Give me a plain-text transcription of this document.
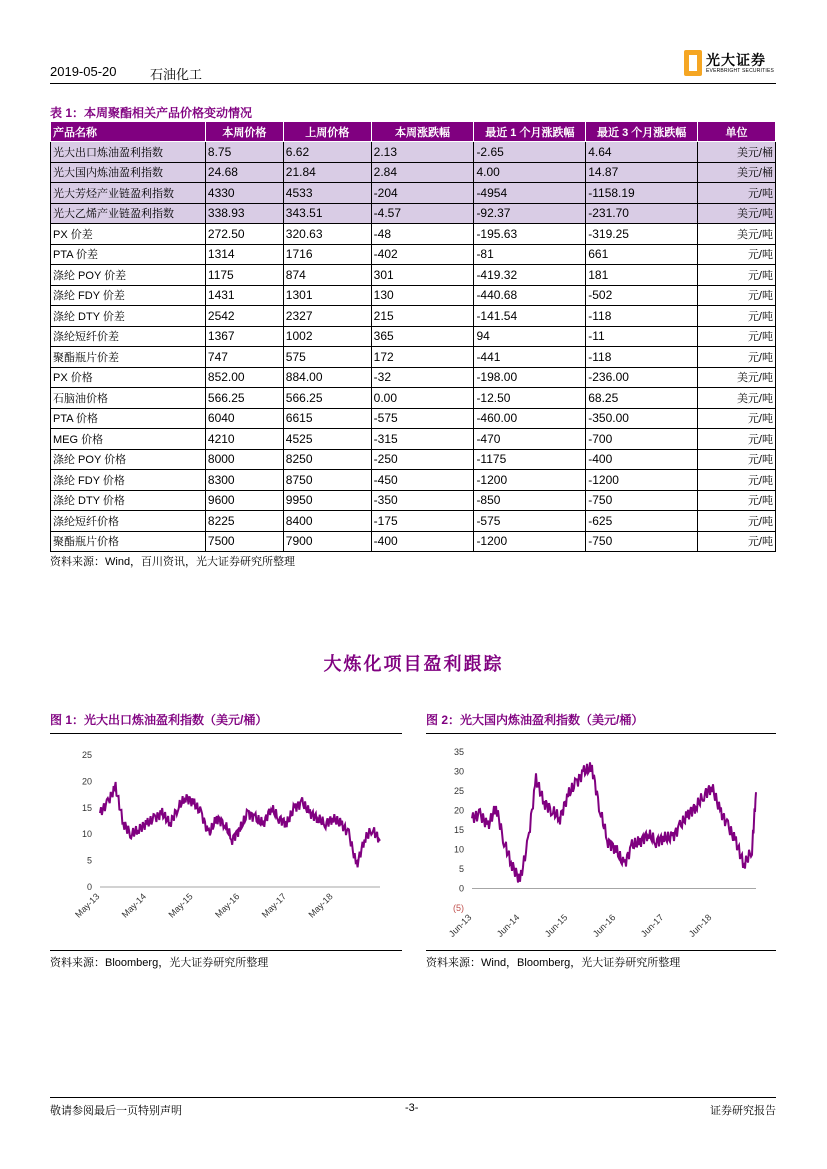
2019-05-20	石油化工
光大证券
EVERBRIGHT SECURITIES
表 1：本周聚酯相关产品价格变动情况
产品名称	本周价格	上周价格	本周涨跌幅	最近 1 个月涨跌幅	最近 3 个月涨跌幅	单位
光大出口炼油盈利指数	8.75	6.62	2.13	-2.65	4.64	美元/桶
光大国内炼油盈利指数	24.68	21.84	2.84	4.00	14.87	美元/桶
光大芳烃产业链盈利指数	4330	4533	-204	-4954	-1158.19	元/吨
光大乙烯产业链盈利指数	338.93	343.51	-4.57	-92.37	-231.70	美元/吨
PX 价差	272.50	320.63	-48	-195.63	-319.25	美元/吨
PTA 价差	1314	1716	-402	-81	661	元/吨
涤纶 POY 价差	1175	874	301	-419.32	181	元/吨
涤纶 FDY 价差	1431	1301	130	-440.68	-502	元/吨
涤纶 DTY 价差	2542	2327	215	-141.54	-118	元/吨
涤纶短纤价差	1367	1002	365	94	-11	元/吨
聚酯瓶片价差	747	575	172	-441	-118	元/吨
PX 价格	852.00	884.00	-32	-198.00	-236.00	美元/吨
石脑油价格	566.25	566.25	0.00	-12.50	68.25	美元/吨
PTA 价格	6040	6615	-575	-460.00	-350.00	元/吨
MEG 价格	4210	4525	-315	-470	-700	元/吨
涤纶 POY 价格	8000	8250	-250	-1175	-400	元/吨
涤纶 FDY 价格	8300	8750	-450	-1200	-1200	元/吨
涤纶 DTY 价格	9600	9950	-350	-850	-750	元/吨
涤纶短纤价格	8225	8400	-175	-575	-625	元/吨
聚酯瓶片价格	7500	7900	-400	-1200	-750	元/吨
资料来源：Wind，百川资讯，光大证券研究所整理
大炼化项目盈利跟踪
图 1：光大出口炼油盈利指数（美元/桶）
0
5
10
15
20
25
May-13 May-14 May-15 May-16 May-17 May-18
资料来源：Bloomberg，光大证券研究所整理
图 2：光大国内炼油盈利指数（美元/桶）
(5)
0
5
10
15
20
25
30
35
Jun-13 Jun-14 Jun-15 Jun-16 Jun-17 Jun-18
资料来源：Wind，Bloomberg，光大证券研究所整理
敬请参阅最后一页特别声明	-3-	证券研究报告
